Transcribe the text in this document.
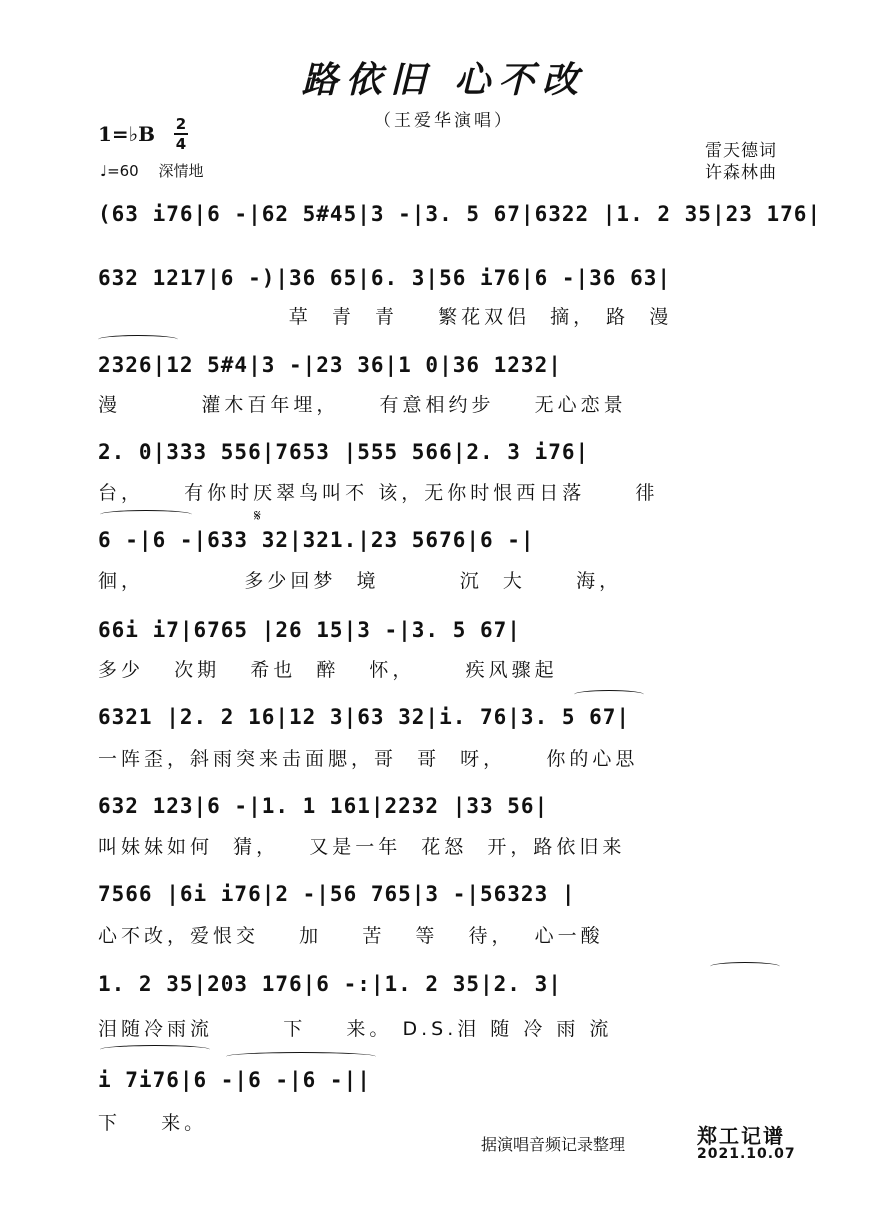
路依旧 心不改
（王爱华演唱）
1=♭B 2
4
♩=60　 深情地
雷天德词
许森林曲
(63 i76|6 -|62 5#45|3 -|3. 5 67|6322 |1. 2 35|23 176|
632 1217|6 -)|36 65|6. 3|56 i76|6 -|36 63|
草  青  青    繁花双侣  摘， 路  漫
2326|12 5#4|3 -|23 36|1 0|36 1232|
漫        灌木百年埋，    有意相约步    无心恋景
2. 0|333 556|7653 |555 566|2. 3 i76|
台，    有你时厌翠鸟叫不 该，无你时恨西日落     徘
6 -|6 -|633 32|321.|23 5676|6 -|
𝄋
徊，          多少回梦  境        沉  大     海，
66i i7|6765 |26 15|3 -|3. 5 67|
多少   次期   希也  醉   怀，     疾风骤起
6321 |2. 2 16|12 3|63 32|i. 76|3. 5 67|
一阵歪，斜雨突来击面腮，哥  哥  呀，    你的心思
632 123|6 -|1. 1 161|2232 |33 56|
叫妹妹如何  猜，   又是一年  花怒  开，路依旧来
7566 |6i i76|2 -|56 765|3 -|56323 |
心不改，爱恨交    加    苦   等   待，  心一酸
1. 2 35|203 176|6 -:|1. 2 35|2. 3|
泪随冷雨流       下    来。 D.S.泪 随 冷 雨 流
i 7i76|6 -|6 -|6 -||
下    来。
据演唱音频记录整理	郑工记谱
2021.10.07
